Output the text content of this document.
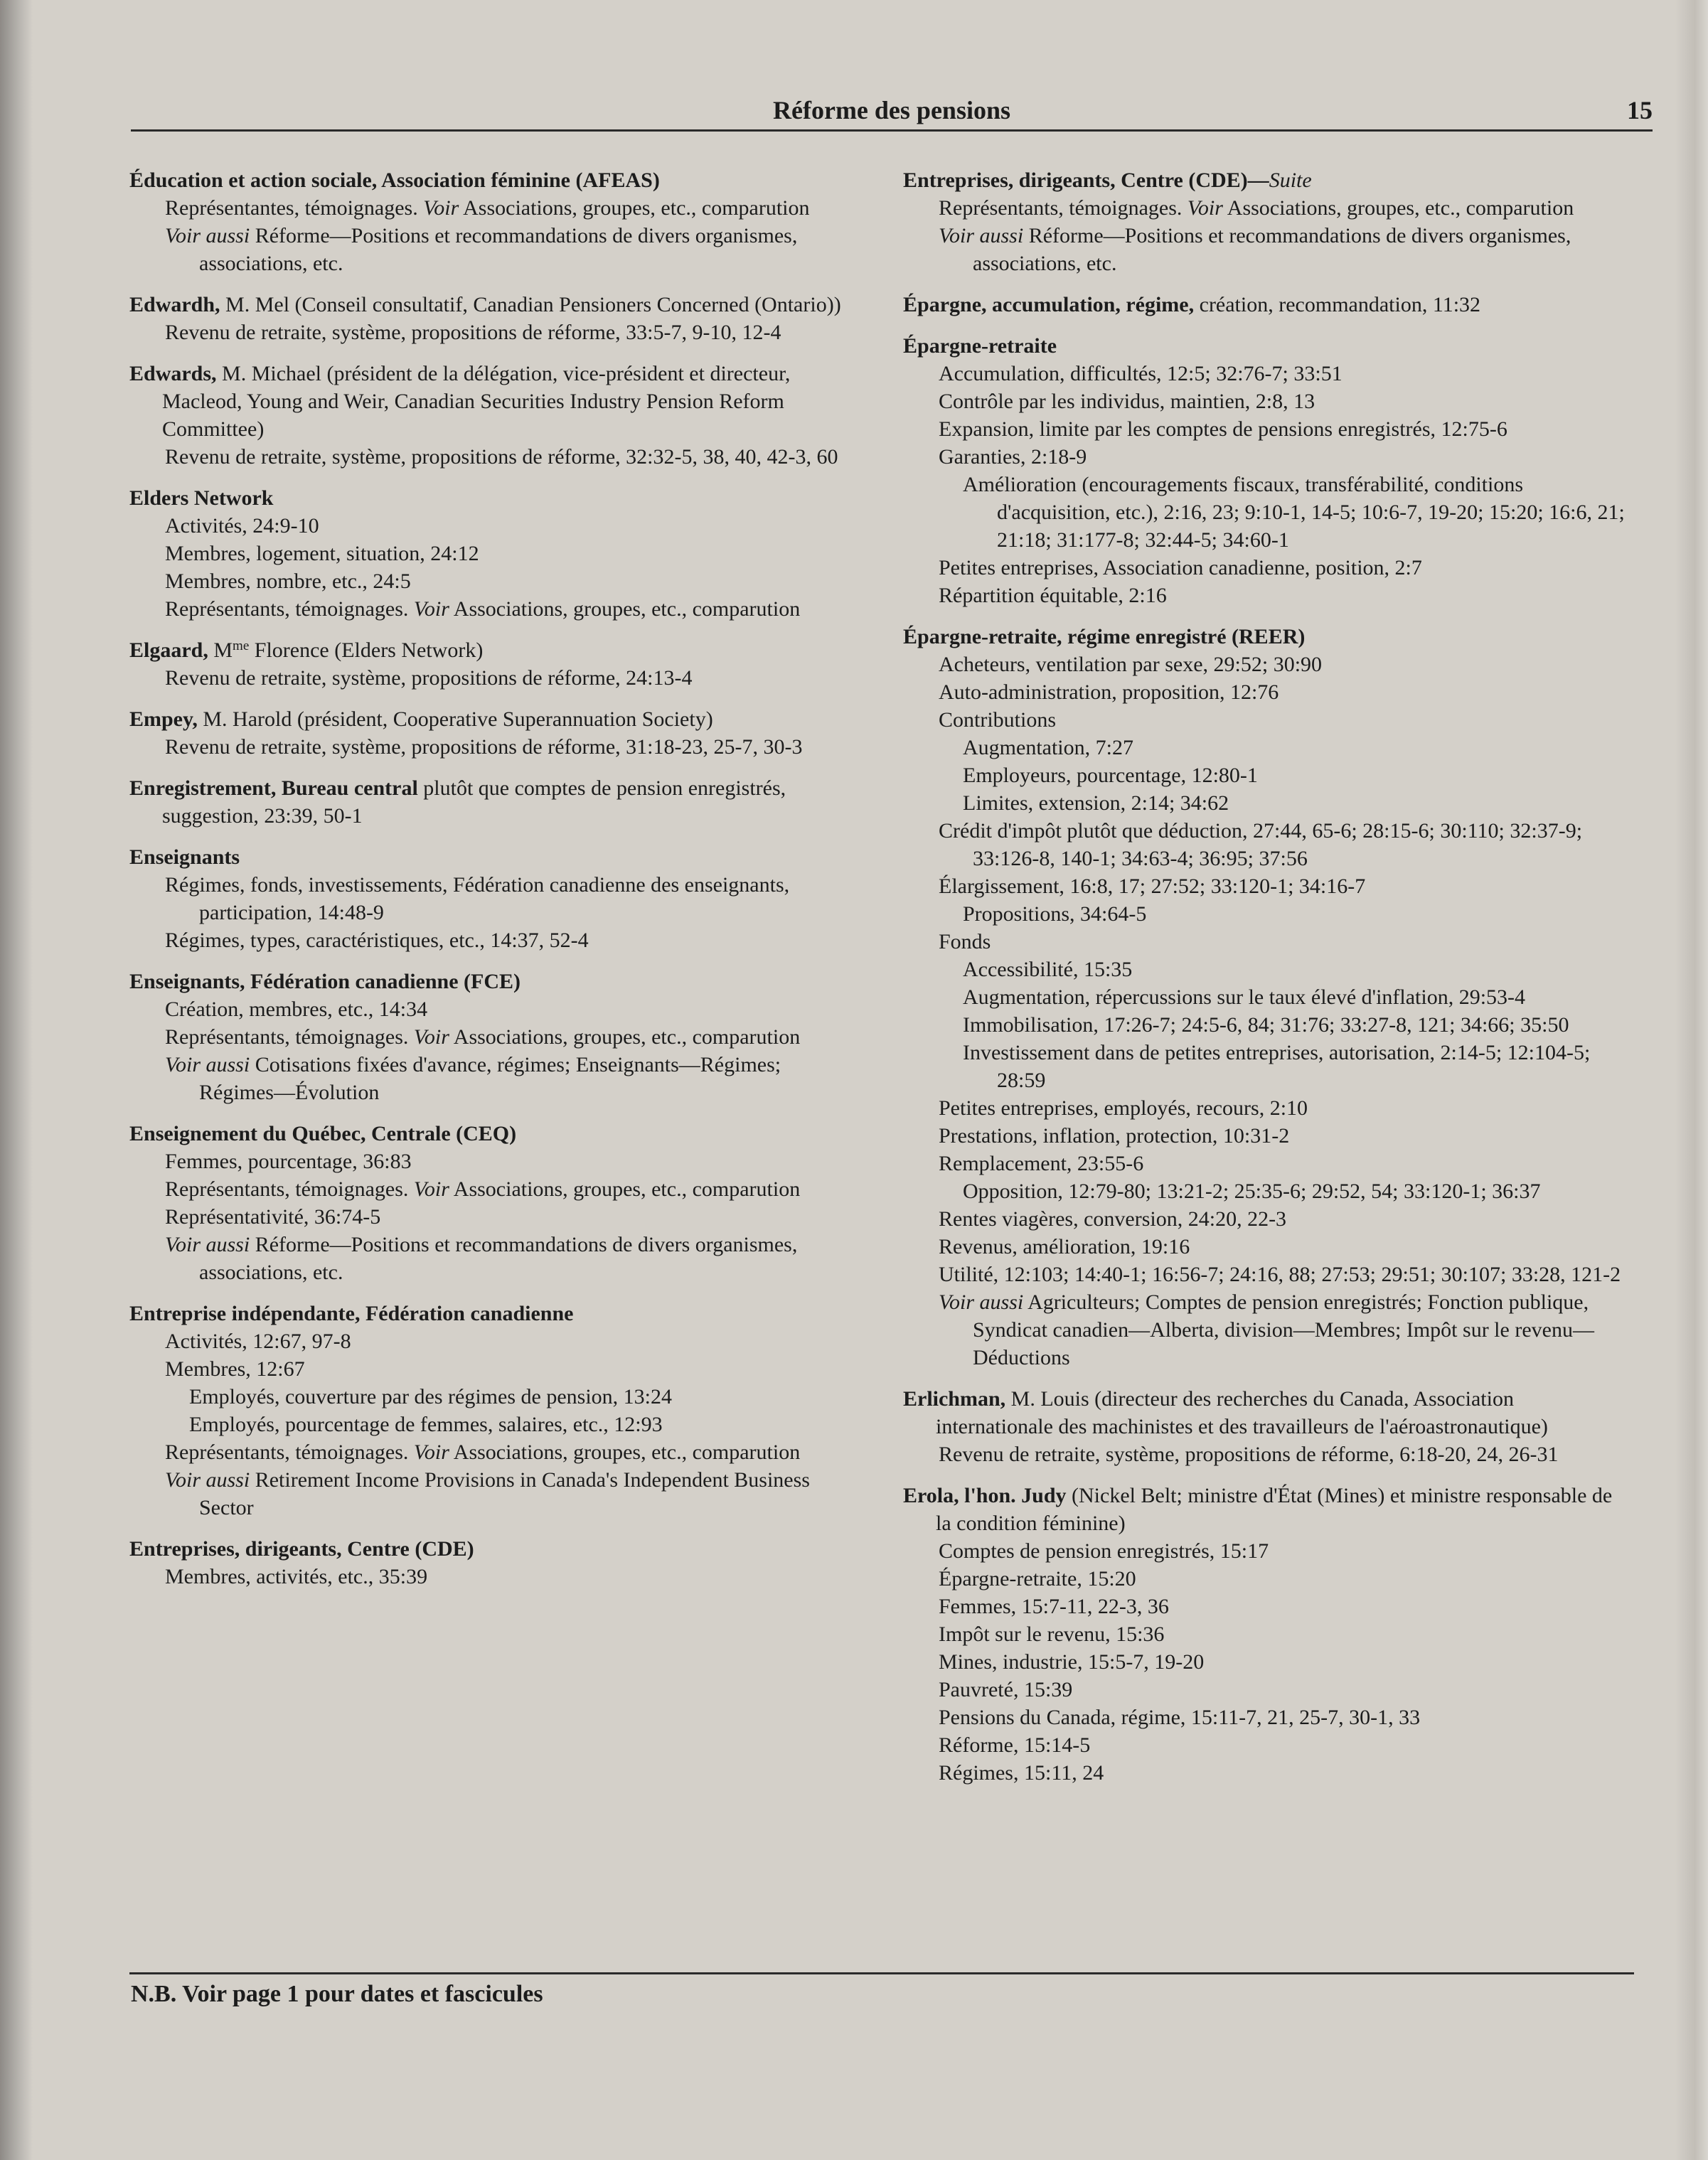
Réforme des pensions	15
Éducation et action sociale, Association féminine (AFEAS)
Représentantes, témoignages. Voir Associations, groupes, etc., comparution
Voir aussi Réforme—Positions et recommandations de divers organismes, associations, etc.
Edwardh, M. Mel (Conseil consultatif, Canadian Pensioners Concerned (Ontario))
Revenu de retraite, système, propositions de réforme, 33:5-7, 9-10, 12-4
Edwards, M. Michael (président de la délégation, vice-président et directeur, Macleod, Young and Weir, Canadian Securities Industry Pension Reform Committee)
Revenu de retraite, système, propositions de réforme, 32:32-5, 38, 40, 42-3, 60
Elders Network
Activités, 24:9-10
Membres, logement, situation, 24:12
Membres, nombre, etc., 24:5
Représentants, témoignages. Voir Associations, groupes, etc., comparution
Elgaard, $M^{me}$ Florence (Elders Network)
Revenu de retraite, système, propositions de réforme, 24:13-4
Empey, M. Harold (président, Cooperative Superannuation Society)
Revenu de retraite, système, propositions de réforme, 31:18-23, 25-7, 30-3
Enregistrement, Bureau central plutôt que comptes de pension enregistrés, suggestion, 23:39, 50-1
Enseignants
Régimes, fonds, investissements, Fédération canadienne des enseignants, participation, 14:48-9
Régimes, types, caractéristiques, etc., 14:37, 52-4
Enseignants, Fédération canadienne (FCE)
Création, membres, etc., 14:34
Représentants, témoignages. Voir Associations, groupes, etc., comparution
Voir aussi Cotisations fixées d'avance, régimes; Enseignants—Régimes; Régimes—Évolution
Enseignement du Québec, Centrale (CEQ)
Femmes, pourcentage, 36:83
Représentants, témoignages. Voir Associations, groupes, etc., comparution
Représentativité, 36:74-5
Voir aussi Réforme—Positions et recommandations de divers organismes, associations, etc.
Entreprise indépendante, Fédération canadienne
Activités, 12:67, 97-8
Membres, 12:67
Employés, couverture par des régimes de pension, 13:24
Employés, pourcentage de femmes, salaires, etc., 12:93
Représentants, témoignages. Voir Associations, groupes, etc., comparution
Voir aussi Retirement Income Provisions in Canada's Independent Business Sector
Entreprises, dirigeants, Centre (CDE)
Membres, activités, etc., 35:39
Entreprises, dirigeants, Centre (CDE)—Suite
Représentants, témoignages. Voir Associations, groupes, etc., comparution
Voir aussi Réforme—Positions et recommandations de divers organismes, associations, etc.
Épargne, accumulation, régime, création, recommandation, 11:32
Épargne-retraite
Accumulation, difficultés, 12:5; 32:76-7; 33:51
Contrôle par les individus, maintien, 2:8, 13
Expansion, limite par les comptes de pensions enregistrés, 12:75-6
Garanties, 2:18-9
Amélioration (encouragements fiscaux, transférabilité, conditions d'acquisition, etc.), 2:16, 23; 9:10-1, 14-5; 10:6-7, 19-20; 15:20; 16:6, 21; 21:18; 31:177-8; 32:44-5; 34:60-1
Petites entreprises, Association canadienne, position, 2:7
Répartition équitable, 2:16
Épargne-retraite, régime enregistré (REER)
Acheteurs, ventilation par sexe, 29:52; 30:90
Auto-administration, proposition, 12:76
Contributions
Augmentation, 7:27
Employeurs, pourcentage, 12:80-1
Limites, extension, 2:14; 34:62
Crédit d'impôt plutôt que déduction, 27:44, 65-6; 28:15-6; 30:110; 32:37-9; 33:126-8, 140-1; 34:63-4; 36:95; 37:56
Élargissement, 16:8, 17; 27:52; 33:120-1; 34:16-7
Propositions, 34:64-5
Fonds
Accessibilité, 15:35
Augmentation, répercussions sur le taux élevé d'inflation, 29:53-4
Immobilisation, 17:26-7; 24:5-6, 84; 31:76; 33:27-8, 121; 34:66; 35:50
Investissement dans de petites entreprises, autorisation, 2:14-5; 12:104-5; 28:59
Petites entreprises, employés, recours, 2:10
Prestations, inflation, protection, 10:31-2
Remplacement, 23:55-6
Opposition, 12:79-80; 13:21-2; 25:35-6; 29:52, 54; 33:120-1; 36:37
Rentes viagères, conversion, 24:20, 22-3
Revenus, amélioration, 19:16
Utilité, 12:103; 14:40-1; 16:56-7; 24:16, 88; 27:53; 29:51; 30:107; 33:28, 121-2
Voir aussi Agriculteurs; Comptes de pension enregistrés; Fonction publique, Syndicat canadien—Alberta, division—Membres; Impôt sur le revenu—Déductions
Erlichman, M. Louis (directeur des recherches du Canada, Association internationale des machinistes et des travailleurs de l'aéroastronautique)
Revenu de retraite, système, propositions de réforme, 6:18-20, 24, 26-31
Erola, l'hon. Judy (Nickel Belt; ministre d'État (Mines) et ministre responsable de la condition féminine)
Comptes de pension enregistrés, 15:17
Épargne-retraite, 15:20
Femmes, 15:7-11, 22-3, 36
Impôt sur le revenu, 15:36
Mines, industrie, 15:5-7, 19-20
Pauvreté, 15:39
Pensions du Canada, régime, 15:11-7, 21, 25-7, 30-1, 33
Réforme, 15:14-5
Régimes, 15:11, 24
N.B. Voir page 1 pour dates et fascicules
